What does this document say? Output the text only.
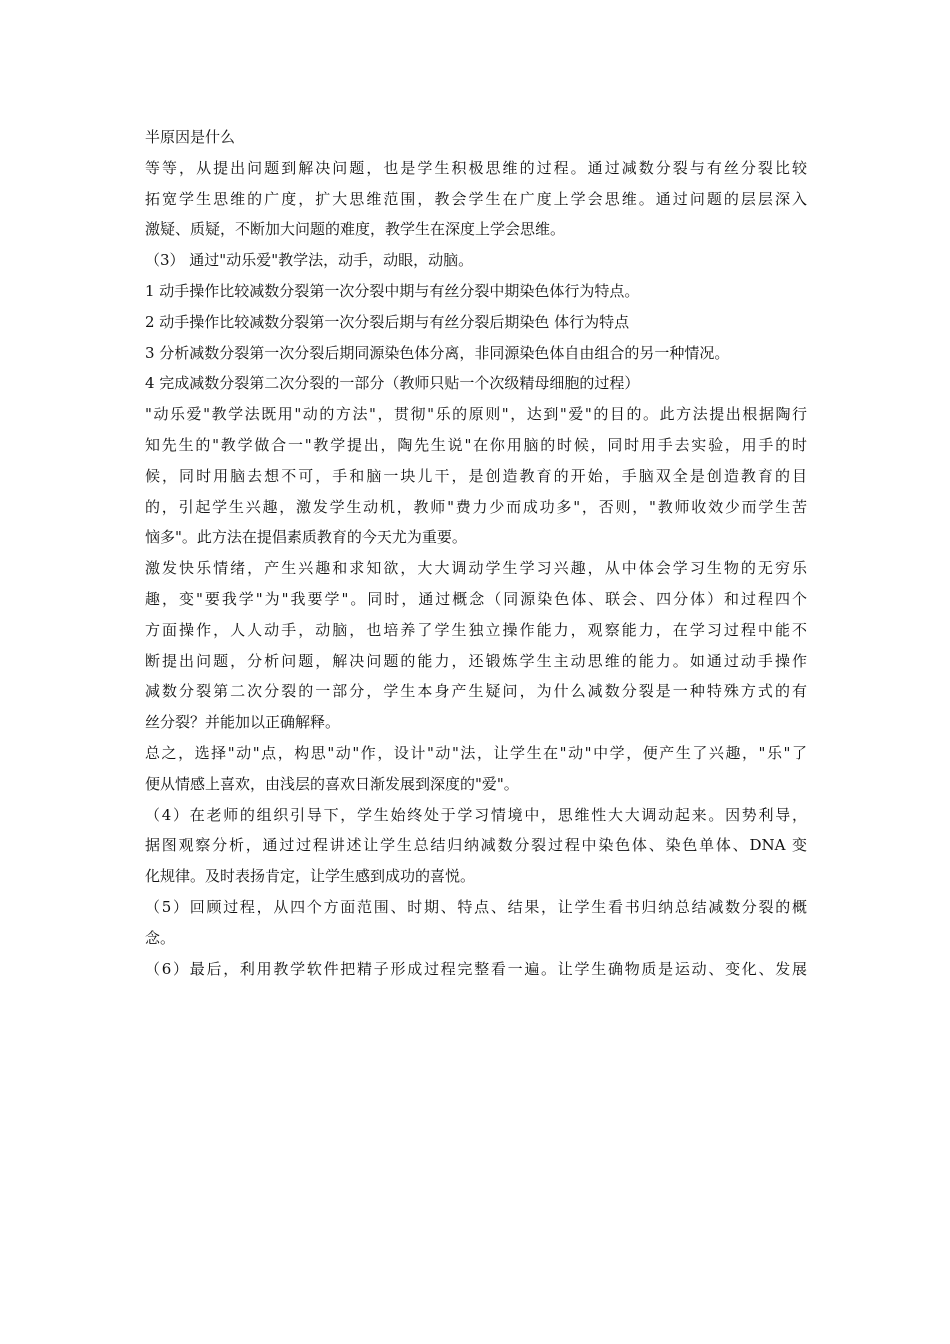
半原因是什么
等等，从提出问题到解决问题，也是学生积极思维的过程。通过减数分裂与有丝分裂比较
拓宽学生思维的广度，扩大思维范围，教会学生在广度上学会思维。通过问题的层层深入
激疑、质疑，不断加大问题的难度，教学生在深度上学会思维。
（3） 通过"动乐爱"教学法，动手，动眼，动脑。
1 动手操作比较减数分裂第一次分裂中期与有丝分裂中期染色体行为特点。
2 动手操作比较减数分裂第一次分裂后期与有丝分裂后期染色 体行为特点
3 分析减数分裂第一次分裂后期同源染色体分离，非同源染色体自由组合的另一种情况。
4 完成减数分裂第二次分裂的一部分（教师只贴一个次级精母细胞的过程）
"动乐爱"教学法既用"动的方法"，贯彻"乐的原则"，达到"爱"的目的。此方法提出根据陶行
知先生的"教学做合一"教学提出，陶先生说"在你用脑的时候，同时用手去实验，用手的时
候，同时用脑去想不可，手和脑一块儿干，是创造教育的开始，手脑双全是创造教育的目
的，引起学生兴趣，激发学生动机，教师"费力少而成功多"，否则，"教师收效少而学生苦
恼多"。此方法在提倡素质教育的今天尤为重要。
激发快乐情绪，产生兴趣和求知欲，大大调动学生学习兴趣，从中体会学习生物的无穷乐
趣，变"要我学"为"我要学"。同时，通过概念（同源染色体、联会、四分体）和过程四个
方面操作，人人动手，动脑，也培养了学生独立操作能力，观察能力，在学习过程中能不
断提出问题，分析问题，解决问题的能力，还锻炼学生主动思维的能力。如通过动手操作
减数分裂第二次分裂的一部分，学生本身产生疑问，为什么减数分裂是一种特殊方式的有
丝分裂？并能加以正确解释。
总之，选择"动"点，构思"动"作，设计"动"法，让学生在"动"中学，便产生了兴趣，"乐"了
便从情感上喜欢，由浅层的喜欢日渐发展到深度的"爱"。
（4）在老师的组织引导下，学生始终处于学习情境中，思维性大大调动起来。因势利导，
据图观察分析，通过过程讲述让学生总结归纳减数分裂过程中染色体、染色单体、DNA 变
化规律。及时表扬肯定，让学生感到成功的喜悦。
（5）回顾过程，从四个方面范围、时期、特点、结果，让学生看书归纳总结减数分裂的概
念。
（6）最后，利用教学软件把精子形成过程完整看一遍。让学生确物质是运动、变化、发展
